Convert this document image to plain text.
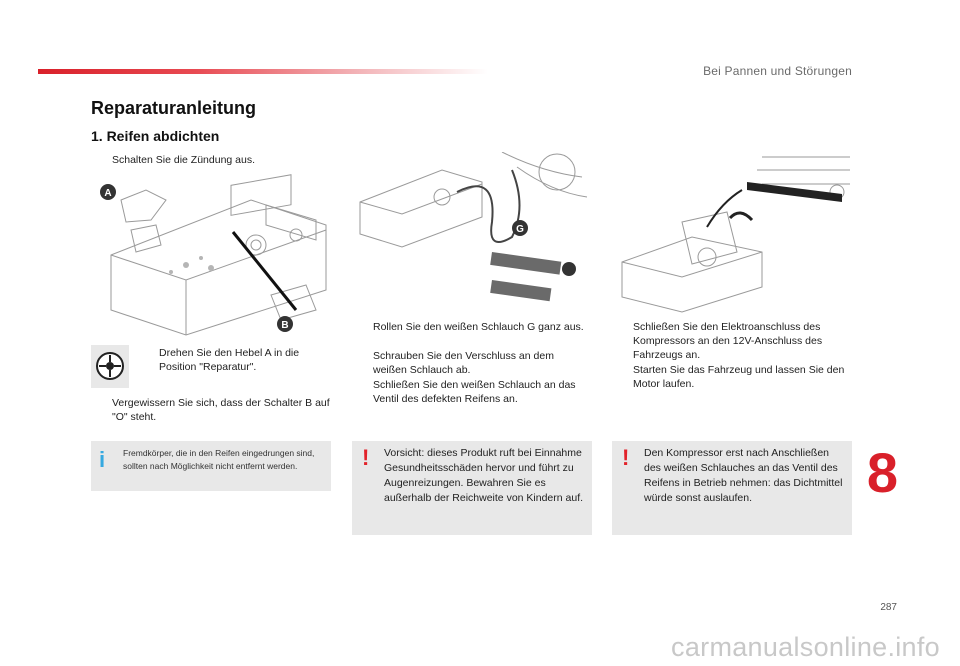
Bei Pannen und Störungen
Reparaturanleitung
1. Reifen abdichten
Schalten Sie die Zündung aus.
A
B
Drehen Sie den Hebel A in die Position "Reparatur".
Vergewissern Sie sich, dass der Schalter B auf "O" steht.
i Fremdkörper, die in den Reifen eingedrungen sind, sollten nach Möglichkeit nicht entfernt werden.
G
Rollen Sie den weißen Schlauch G ganz aus.
Schrauben Sie den Verschluss an dem weißen Schlauch ab.
Schließen Sie den weißen Schlauch an das Ventil des defekten Reifens an.
! Vorsicht: dieses Produkt ruft bei Einnahme Gesundheitsschäden hervor und führt zu Augenreizungen. Bewahren Sie es außerhalb der Reichweite von Kindern auf.
Schließen Sie den Elektroanschluss des Kompressors an den 12V-Anschluss des Fahrzeugs an.
Starten Sie das Fahrzeug und lassen Sie den Motor laufen.
! Den Kompressor erst nach Anschließen des weißen Schlauches an das Ventil des Reifens in Betrieb nehmen: das Dichtmittel würde sonst auslaufen.	8
287
carmanualsonline.info
